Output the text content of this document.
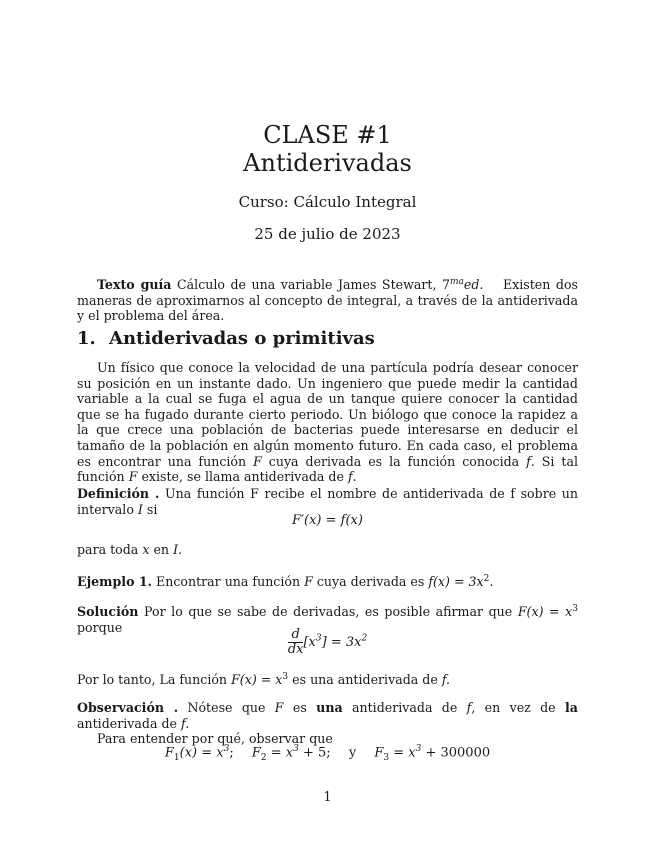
CLASE #1
Antiderivadas
Curso: Cálculo Integral
25 de julio de 2023
Texto guía Cálculo de una variable James Stewart, $7^{ma}ed$. Existen dos maneras de aproximarnos al concepto de integral, a través de la antiderivada y el problema del área.
1. Antiderivadas o primitivas
Un físico que conoce la velocidad de una partícula podría desear conocer su posición en un instante dado. Un ingeniero que puede medir la cantidad variable a la cual se fuga el agua de un tanque quiere conocer la cantidad que se ha fugado durante cierto periodo. Un biólogo que conoce la rapidez a la que crece una población de bacterias puede interesarse en deducir el tamaño de la población en algún momento futuro. En cada caso, el problema es encontrar una función F cuya derivada es la función conocida f. Si tal función F existe, se llama antiderivada de f.
Definición . Una función F recibe el nombre de antiderivada de f sobre un intervalo I si
F′(x) = f(x)
para toda x en I.
Ejemplo 1. Encontrar una función F cuya derivada es $f(x) = 3x^2$.
Solución Por lo que se sabe de derivadas, es posible afirmar que $F(x) = x^3$ porque
$\frac{d}{dx} [x^3] = 3x^2$
Por lo tanto, La función $F(x) = x^3$ es una antiderivada de f.
Observación . Nótese que F es una antiderivada de f, en vez de la antiderivada de f.
Para entender por qué, observar que
$F_1(x) = x^3$; $F_2 = x^3 + 5$; y $F_3 = x^3 + 300000$
1
